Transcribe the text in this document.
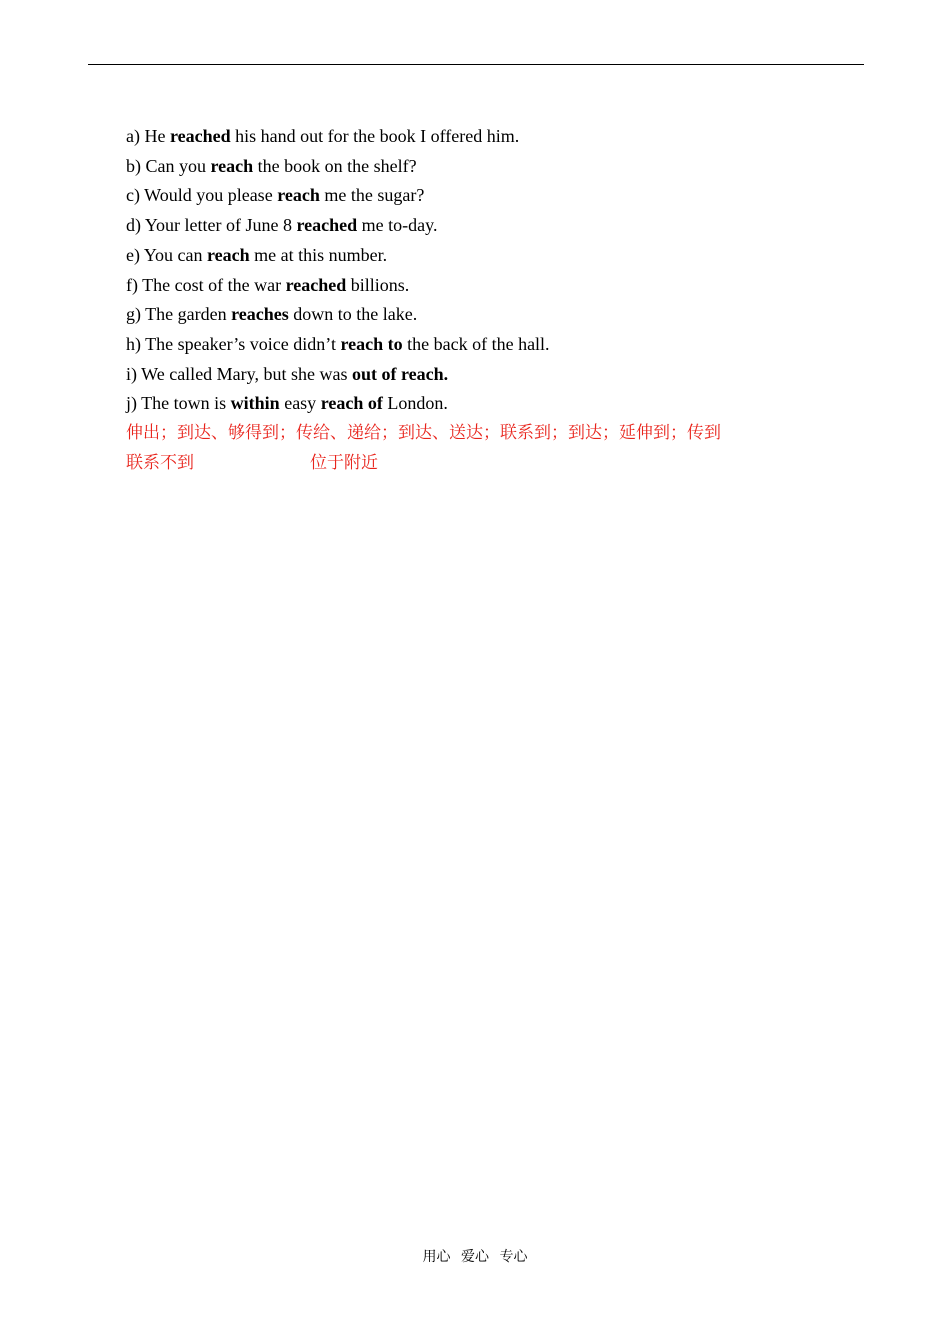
a) He reached his hand out for the book I offered him.
b) Can you reach the book on the shelf?
c) Would you please reach me the sugar?
d) Your letter of June 8 reached me to-day.
e) You can reach me at this number.
f) The cost of the war reached billions.
g) The garden reaches down to the lake.
h) The speaker’s voice didn’t reach to the back of the hall.
i) We called Mary, but she was out of reach.
j) The town is within easy reach of London.
伸出；到达、够得到；传给、递给；到达、送达；联系到；到达；延伸到；传到
联系不到	位于附近
用心 爱心 专心
